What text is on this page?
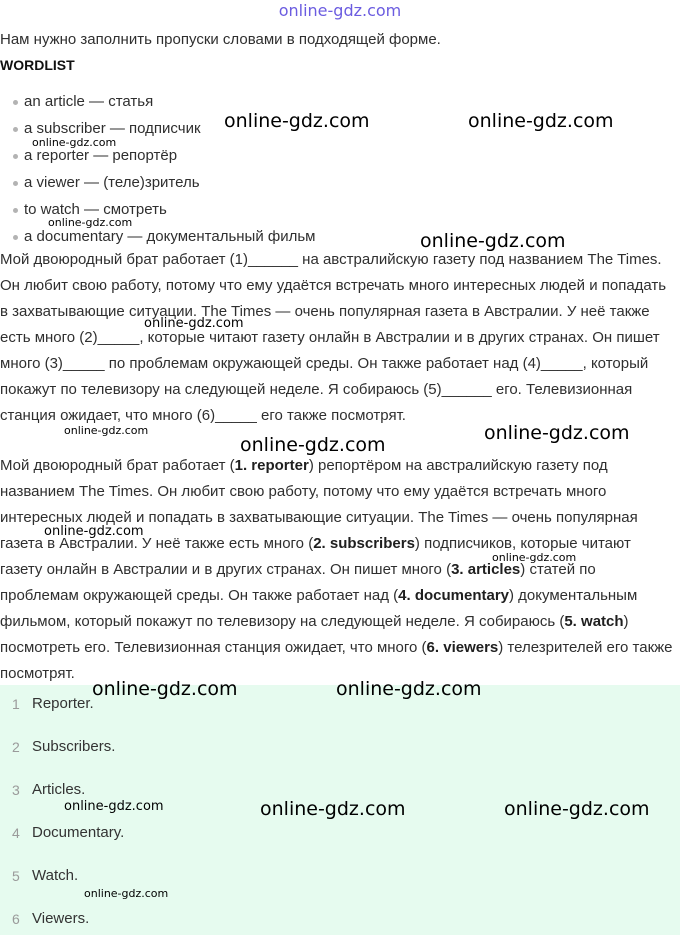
online-gdz.com
Нам нужно заполнить пропуски словами в подходящей форме.
WORDLIST
an article — статья
a subscriber — подписчик
a reporter — репортёр
a viewer — (теле)зритель
to watch — смотреть
a documentary — документальный фильм
Мой двоюродный брат работает (1)______ на австралийскую газету под названием The Times. Он любит свою работу, потому что ему удаётся встречать много интересных людей и попадать в захватывающие ситуации. The Times — очень популярная газета в Австралии. У неё также есть много (2)_____, которые читают газету онлайн в Австралии и в других странах. Он пишет много (3)_____ по проблемам окружающей среды. Он также работает над (4)_____, который покажут по телевизору на следующей неделе. Я собираюсь (5)______ его. Телевизионная станция ожидает, что много (6)_____ его также посмотрят.
Мой двоюродный брат работает (1. reporter) репортёром на австралийскую газету под названием The Times. Он любит свою работу, потому что ему удаётся встречать много интересных людей и попадать в захватывающие ситуации. The Times — очень популярная газета в Австралии. У неё также есть много (2. subscribers) подписчиков, которые читают газету онлайн в Австралии и в других странах. Он пишет много (3. articles) статей по проблемам окружающей среды. Он также работает над (4. documentary) документальным фильмом, который покажут по телевизору на следующей неделе. Я собираюсь (5. watch) посмотреть его. Телевизионная станция ожидает, что много (6. viewers) телезрителей его также посмотрят.
1 Reporter.
2 Subscribers.
3 Articles.
4 Documentary.
5 Watch.
6 Viewers.
online-gdz.com	online-gdz.com
online-gdz.com
online-gdz.com
online-gdz.com
online-gdz.com
online-gdz.com
online-gdz.com
online-gdz.com
online-gdz.com
online-gdz.com
online-gdz.com	online-gdz.com
online-gdz.com	online-gdz.com	online-gdz.com
online-gdz.com
